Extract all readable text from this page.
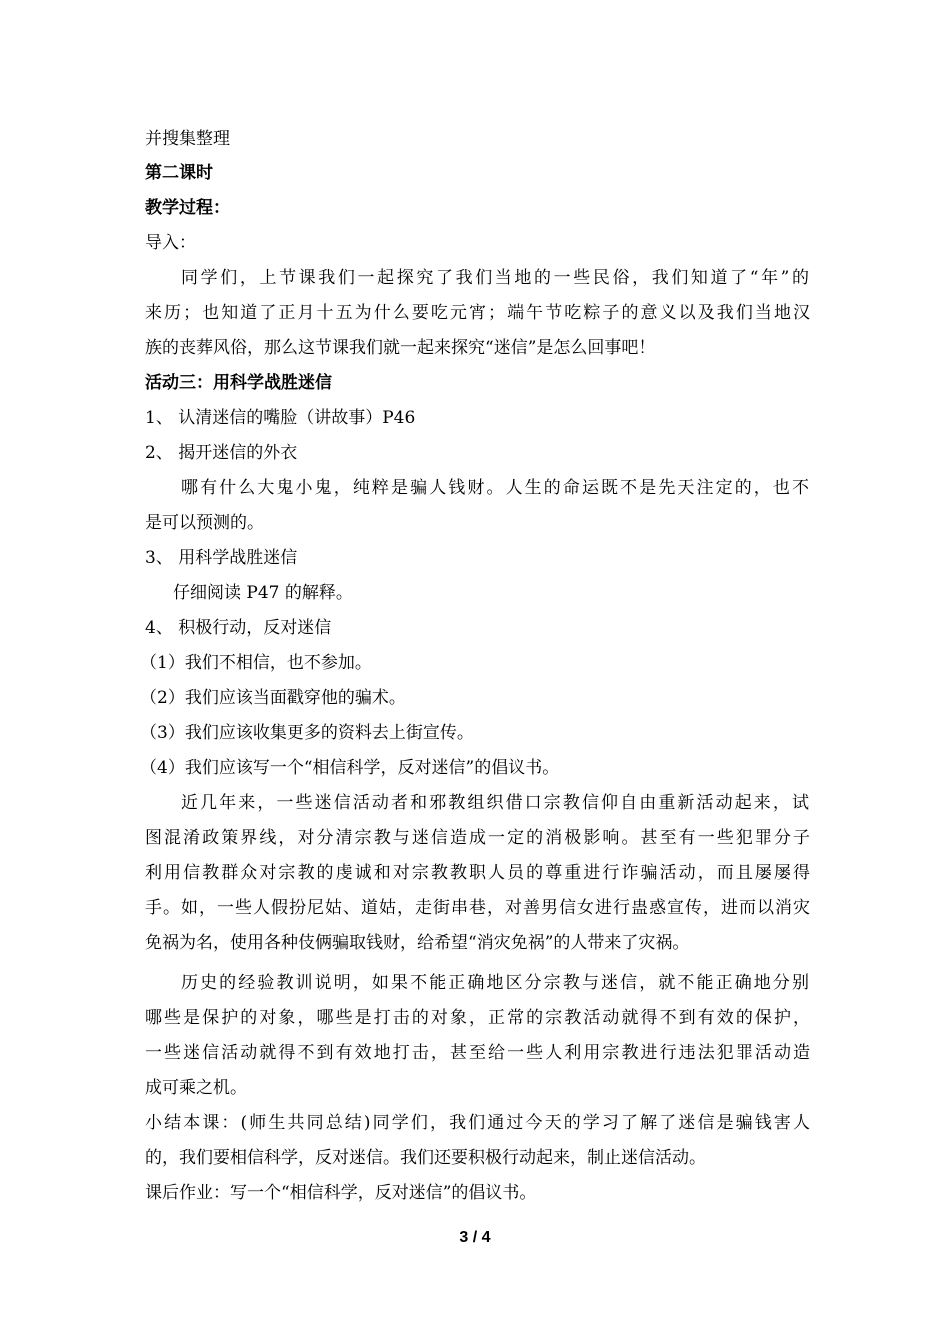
并搜集整理
第二课时
教学过程：
导入：
同学们，上节课我们一起探究了我们当地的一些民俗，我们知道了“年”的
来历；也知道了正月十五为什么要吃元宵；端午节吃粽子的意义以及我们当地汉
族的丧葬风俗，那么这节课我们就一起来探究“迷信”是怎么回事吧！
活动三：用科学战胜迷信
1、 认清迷信的嘴脸（讲故事）P46
2、 揭开迷信的外衣
哪有什么大鬼小鬼，纯粹是骗人钱财。人生的命运既不是先天注定的，也不
是可以预测的。
3、 用科学战胜迷信
仔细阅读 P47 的解释。
4、 积极行动，反对迷信
（1）我们不相信，也不参加。
（2）我们应该当面戳穿他的骗术。
（3）我们应该收集更多的资料去上街宣传。
（4）我们应该写一个“相信科学，反对迷信”的倡议书。
近几年来，一些迷信活动者和邪教组织借口宗教信仰自由重新活动起来，试
图混淆政策界线，对分清宗教与迷信造成一定的消极影响。甚至有一些犯罪分子
利用信教群众对宗教的虔诚和对宗教教职人员的尊重进行诈骗活动，而且屡屡得
手。如，一些人假扮尼姑、道姑，走街串巷，对善男信女进行蛊惑宣传，进而以消灾
免祸为名，使用各种伎俩骗取钱财，给希望“消灾免祸”的人带来了灾祸。
历史的经验教训说明，如果不能正确地区分宗教与迷信，就不能正确地分别
哪些是保护的对象，哪些是打击的对象，正常的宗教活动就得不到有效的保护，
一些迷信活动就得不到有效地打击，甚至给一些人利用宗教进行违法犯罪活动造
成可乘之机。
小结本课：(师生共同总结)同学们，我们通过今天的学习了解了迷信是骗钱害人
的，我们要相信科学，反对迷信。我们还要积极行动起来，制止迷信活动。
课后作业：写一个“相信科学，反对迷信”的倡议书。
3 / 4
